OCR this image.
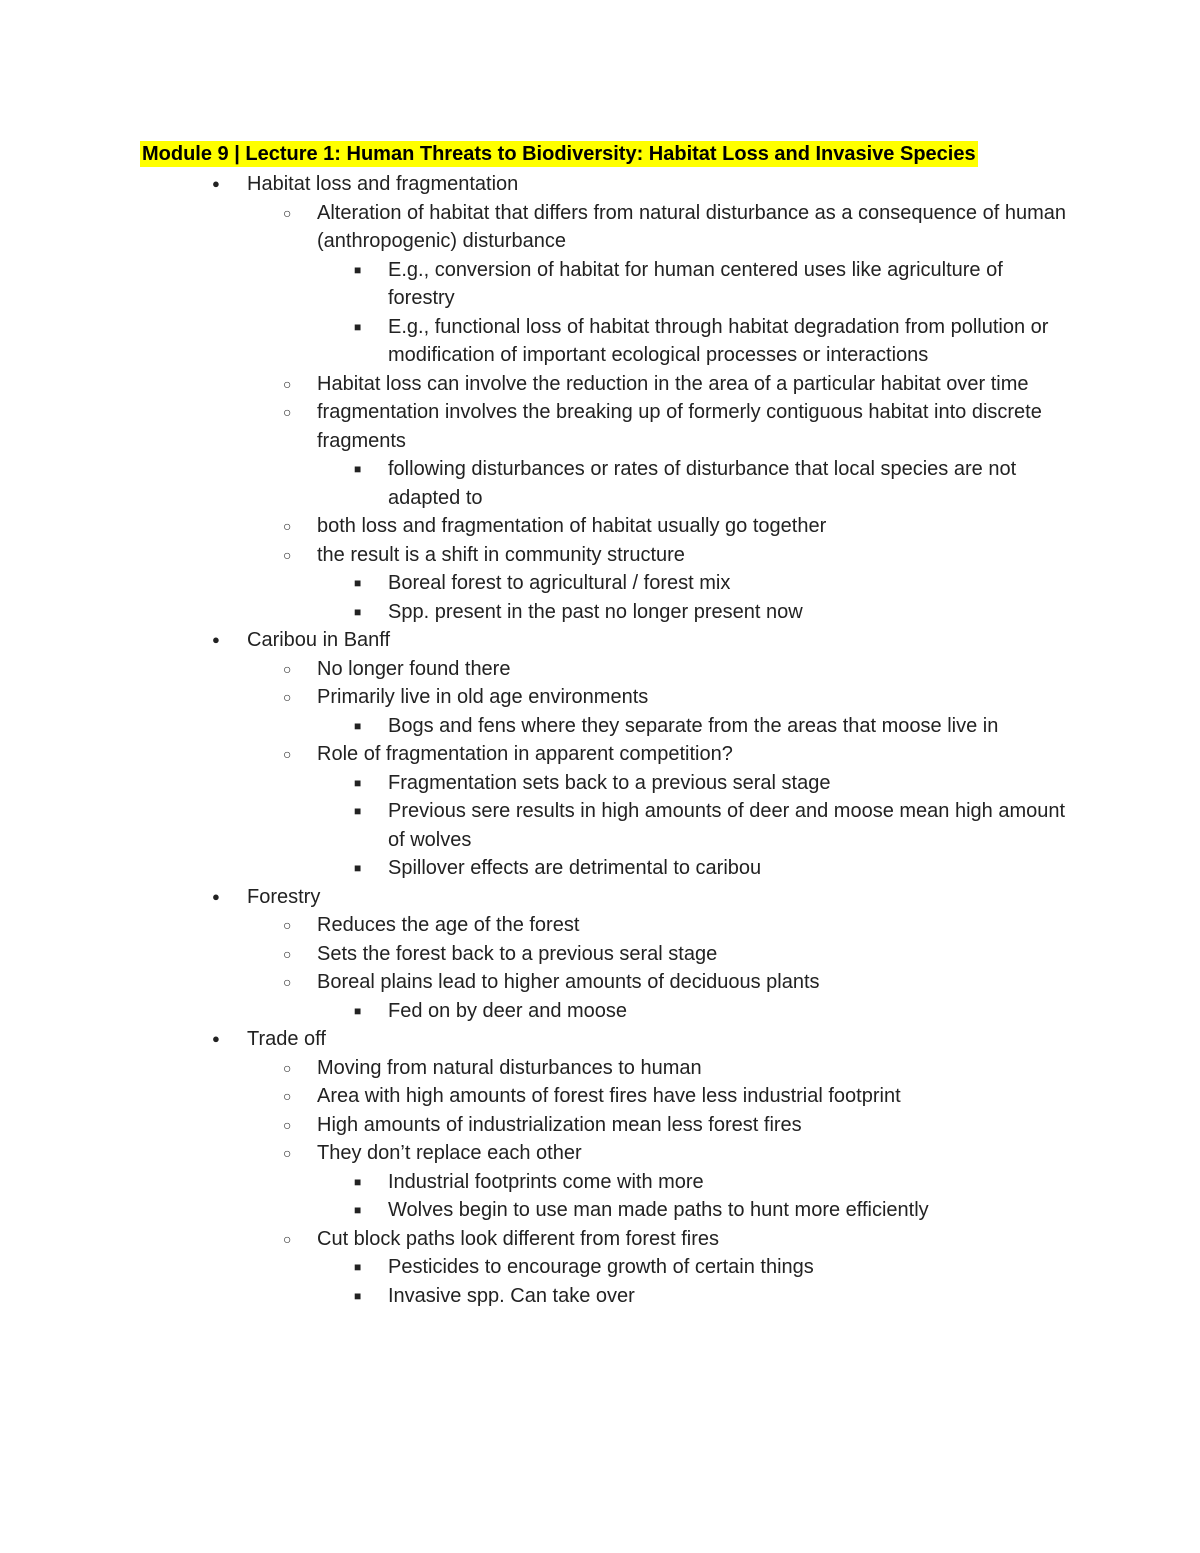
Module 9 | Lecture 1: Human Threats to Biodiversity: Habitat Loss and Invasive Species
● Habitat loss and fragmentation
○ Alteration of habitat that differs from natural disturbance as a consequence of human (anthropogenic) disturbance
■ E.g., conversion of habitat for human centered uses like agriculture of forestry
■ E.g., functional loss of habitat through habitat degradation from pollution or modification of important ecological processes or interactions
○ Habitat loss can involve the reduction in the area of a particular habitat over time
○ fragmentation involves the breaking up of formerly contiguous habitat into discrete fragments
■ following disturbances or rates of disturbance that local species are not adapted to
○ both loss and fragmentation of habitat usually go together
○ the result is a shift in community structure
■ Boreal forest to agricultural / forest mix
■ Spp. present in the past no longer present now
● Caribou in Banff
○ No longer found there
○ Primarily live in old age environments
■ Bogs and fens where they separate from the areas that moose live in
○ Role of fragmentation in apparent competition?
■ Fragmentation sets back to a previous seral stage
■ Previous sere results in high amounts of deer and moose mean high amount of wolves
■ Spillover effects are detrimental to caribou
● Forestry
○ Reduces the age of the forest
○ Sets the forest back to a previous seral stage
○ Boreal plains lead to higher amounts of deciduous plants
■ Fed on by deer and moose
● Trade off
○ Moving from natural disturbances to human
○ Area with high amounts of forest fires have less industrial footprint
○ High amounts of industrialization mean less forest fires
○ They don’t replace each other
■ Industrial footprints come with more
■ Wolves begin to use man made paths to hunt more efficiently
○ Cut block paths look different from forest fires
■ Pesticides to encourage growth of certain things
■ Invasive spp. Can take over
